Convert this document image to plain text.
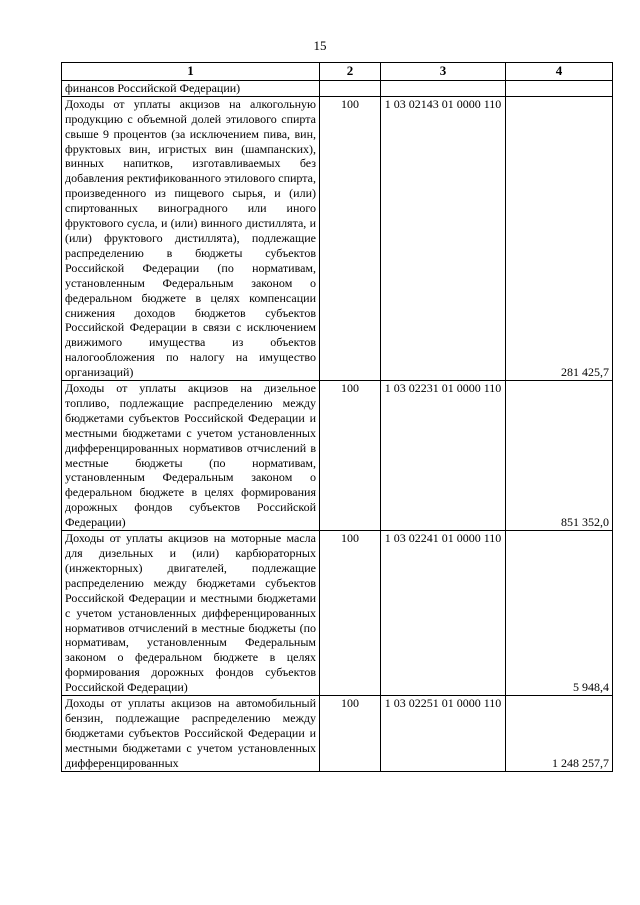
15
1	2	3	4
финансов Российской Федерации)			
Доходы от уплаты акцизов на алкогольную продукцию с объемной долей этилового спирта свыше 9 процентов (за исключением пива, вин, фруктовых вин, игристых вин (шампанских), винных напитков, изготавливаемых без добавления ректификованного этилового спирта, произведенного из пищевого сырья, и (или) спиртованных виноградного или иного фруктового сусла, и (или) винного дистиллята, и (или) фруктового дистиллята), подлежащие распределению в бюджеты субъектов Российской Федерации (по нормативам, установленным Федеральным законом о федеральном бюджете в целях компенсации снижения доходов бюджетов субъектов Российской Федерации в связи с исключением движимого имущества из объектов налогообложения по налогу на имущество организаций)	100	1 03 02143 01 0000 110	281 425,7
Доходы от уплаты акцизов на дизельное топливо, подлежащие распределению между бюджетами субъектов Российской Федерации и местными бюджетами с учетом установленных дифференцированных нормативов отчислений в местные бюджеты (по нормативам, установленным Федеральным законом о федеральном бюджете в целях формирования дорожных фондов субъектов Российской Федерации)	100	1 03 02231 01 0000 110	851 352,0
Доходы от уплаты акцизов на моторные масла для дизельных и (или) карбюраторных (инжекторных) двигателей, подлежащие распределению между бюджетами субъектов Российской Федерации и местными бюджетами с учетом установленных дифференцированных нормативов отчислений в местные бюджеты (по нормативам, установленным Федеральным законом о федеральном бюджете в целях формирования дорожных фондов субъектов Российской Федерации)	100	1 03 02241 01 0000 110	5 948,4
Доходы от уплаты акцизов на автомобильный бензин, подлежащие распределению между бюджетами субъектов Российской Федерации и местными бюджетами с учетом установленных дифференцированных	100	1 03 02251 01 0000 110	1 248 257,7
